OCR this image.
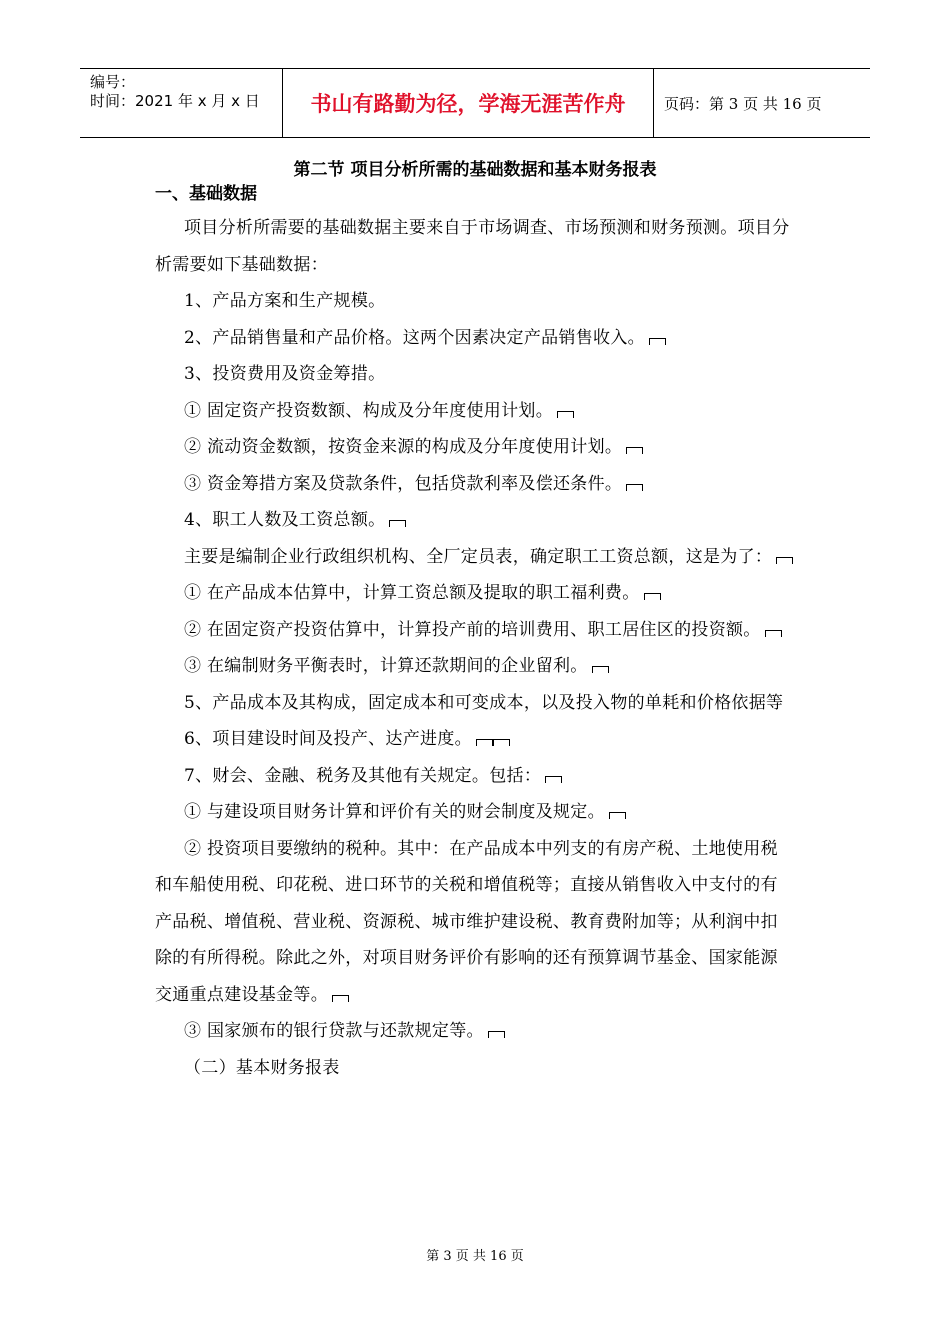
编号：
时间：2021 年 x 月 x 日	书山有路勤为径，学海无涯苦作舟	页码：第 3 页 共 16 页

第二节 项目分析所需的基础数据和基本财务报表

一、基础数据

项目分析所需要的基础数据主要来自于市场调查、市场预测和财务预测。项目分析需要如下基础数据：

1、产品方案和生产规模。

2、产品销售量和产品价格。这两个因素决定产品销售收入。

3、投资费用及资金筹措。

① 固定资产投资数额、构成及分年度使用计划。

② 流动资金数额，按资金来源的构成及分年度使用计划。

③ 资金筹措方案及贷款条件，包括贷款利率及偿还条件。

4、职工人数及工资总额。

主要是编制企业行政组织机构、全厂定员表，确定职工工资总额，这是为了：

① 在产品成本估算中，计算工资总额及提取的职工福利费。

② 在固定资产投资估算中，计算投产前的培训费用、职工居住区的投资额。

③ 在编制财务平衡表时，计算还款期间的企业留利。

5、产品成本及其构成，固定成本和可变成本，以及投入物的单耗和价格依据等

6、项目建设时间及投产、达产进度。

7、财会、金融、税务及其他有关规定。包括：

① 与建设项目财务计算和评价有关的财会制度及规定。

② 投资项目要缴纳的税种。其中：在产品成本中列支的有房产税、土地使用税和车船使用税、印花税、进口环节的关税和增值税等；直接从销售收入中支付的有产品税、增值税、营业税、资源税、城市维护建设税、教育费附加等；从利润中扣除的有所得税。除此之外，对项目财务评价有影响的还有预算调节基金、国家能源交通重点建设基金等。

③ 国家颁布的银行贷款与还款规定等。

（二）基本财务报表

第 3 页 共 16 页
